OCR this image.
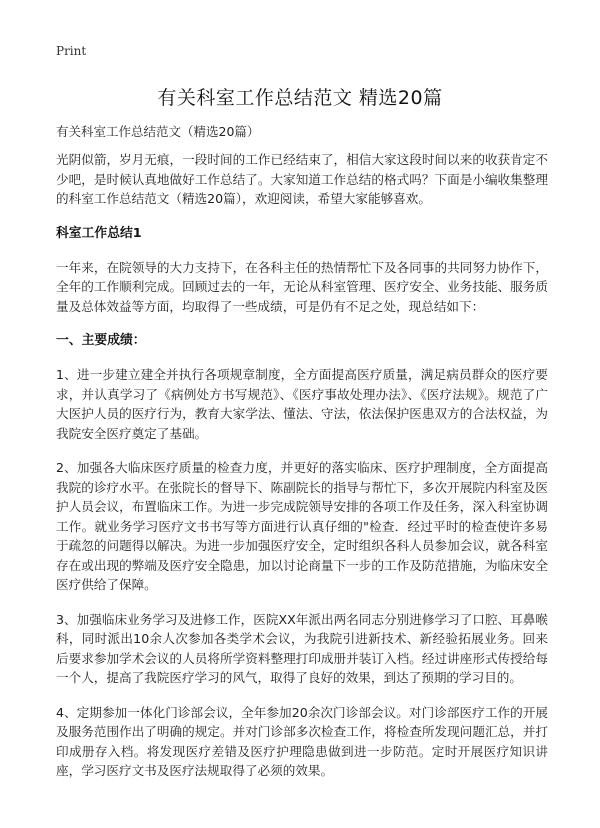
Print
有关科室工作总结范文 精选20篇
有关科室工作总结范文（精选20篇）

光阴似箭，岁月无痕，一段时间的工作已经结束了，相信大家这段时间以来的收获肯定不少吧，是时候认真地做好工作总结了。大家知道工作总结的格式吗？下面是小编收集整理的科室工作总结范文（精选20篇），欢迎阅读，希望大家能够喜欢。

科室工作总结1

一年来，在院领导的大力支持下，在各科主任的热情帮忙下及各同事的共同努力协作下，全年的工作顺利完成。回顾过去的一年，无论从科室管理、医疗安全、业务技能、服务质量及总体效益等方面，均取得了一些成绩，可是仍有不足之处，现总结如下：

一、主要成绩：

1、进一步建立建全并执行各项规章制度，全方面提高医疗质量，满足病员群众的医疗要求，并认真学习了《病例处方书写规范》、《医疗事故处理办法》、《医疗法规》。规范了广大医护人员的医疗行为，教育大家学法、懂法、守法，依法保护医患双方的合法权益，为我院安全医疗奠定了基础。

2、加强各大临床医疗质量的检查力度，并更好的落实临床、医疗护理制度，全方面提高我院的诊疗水平。在张院长的督导下、陈副院长的指导与帮忙下，多次开展院内科室及医护人员会议，布置临床工作。为进一步完成院领导安排的各项工作及任务，深入科室协调工作。就业务学习医疗文书书写等方面进行认真仔细的"检查．经过平时的检查使许多易于疏忽的问题得以解决。为进一步加强医疗安全，定时组织各科人员参加会议，就各科室存在或出现的弊端及医疗安全隐患，加以讨论商量下一步的工作及防范措施，为临床安全医疗供给了保障。

3、加强临床业务学习及进修工作，医院XX年派出两名同志分别进修学习了口腔、耳鼻喉科，同时派出10余人次参加各类学术会议，为我院引进新技术、新经验拓展业务。回来后要求参加学术会议的人员将所学资料整理打印成册并装订入档。经过讲座形式传授给每一个人，提高了我院医疗学习的风气，取得了良好的效果，到达了预期的学习目的。

4、定期参加一体化门诊部会议，全年参加20余次门诊部会议。对门诊部医疗工作的开展及服务范围作出了明确的规定。并对门诊部多次检查工作，将检查所发现问题汇总，并打印成册存入档。将发现医疗差错及医疗护理隐患做到进一步防范。定时开展医疗知识讲座，学习医疗文书及医疗法规取得了必须的效果。
